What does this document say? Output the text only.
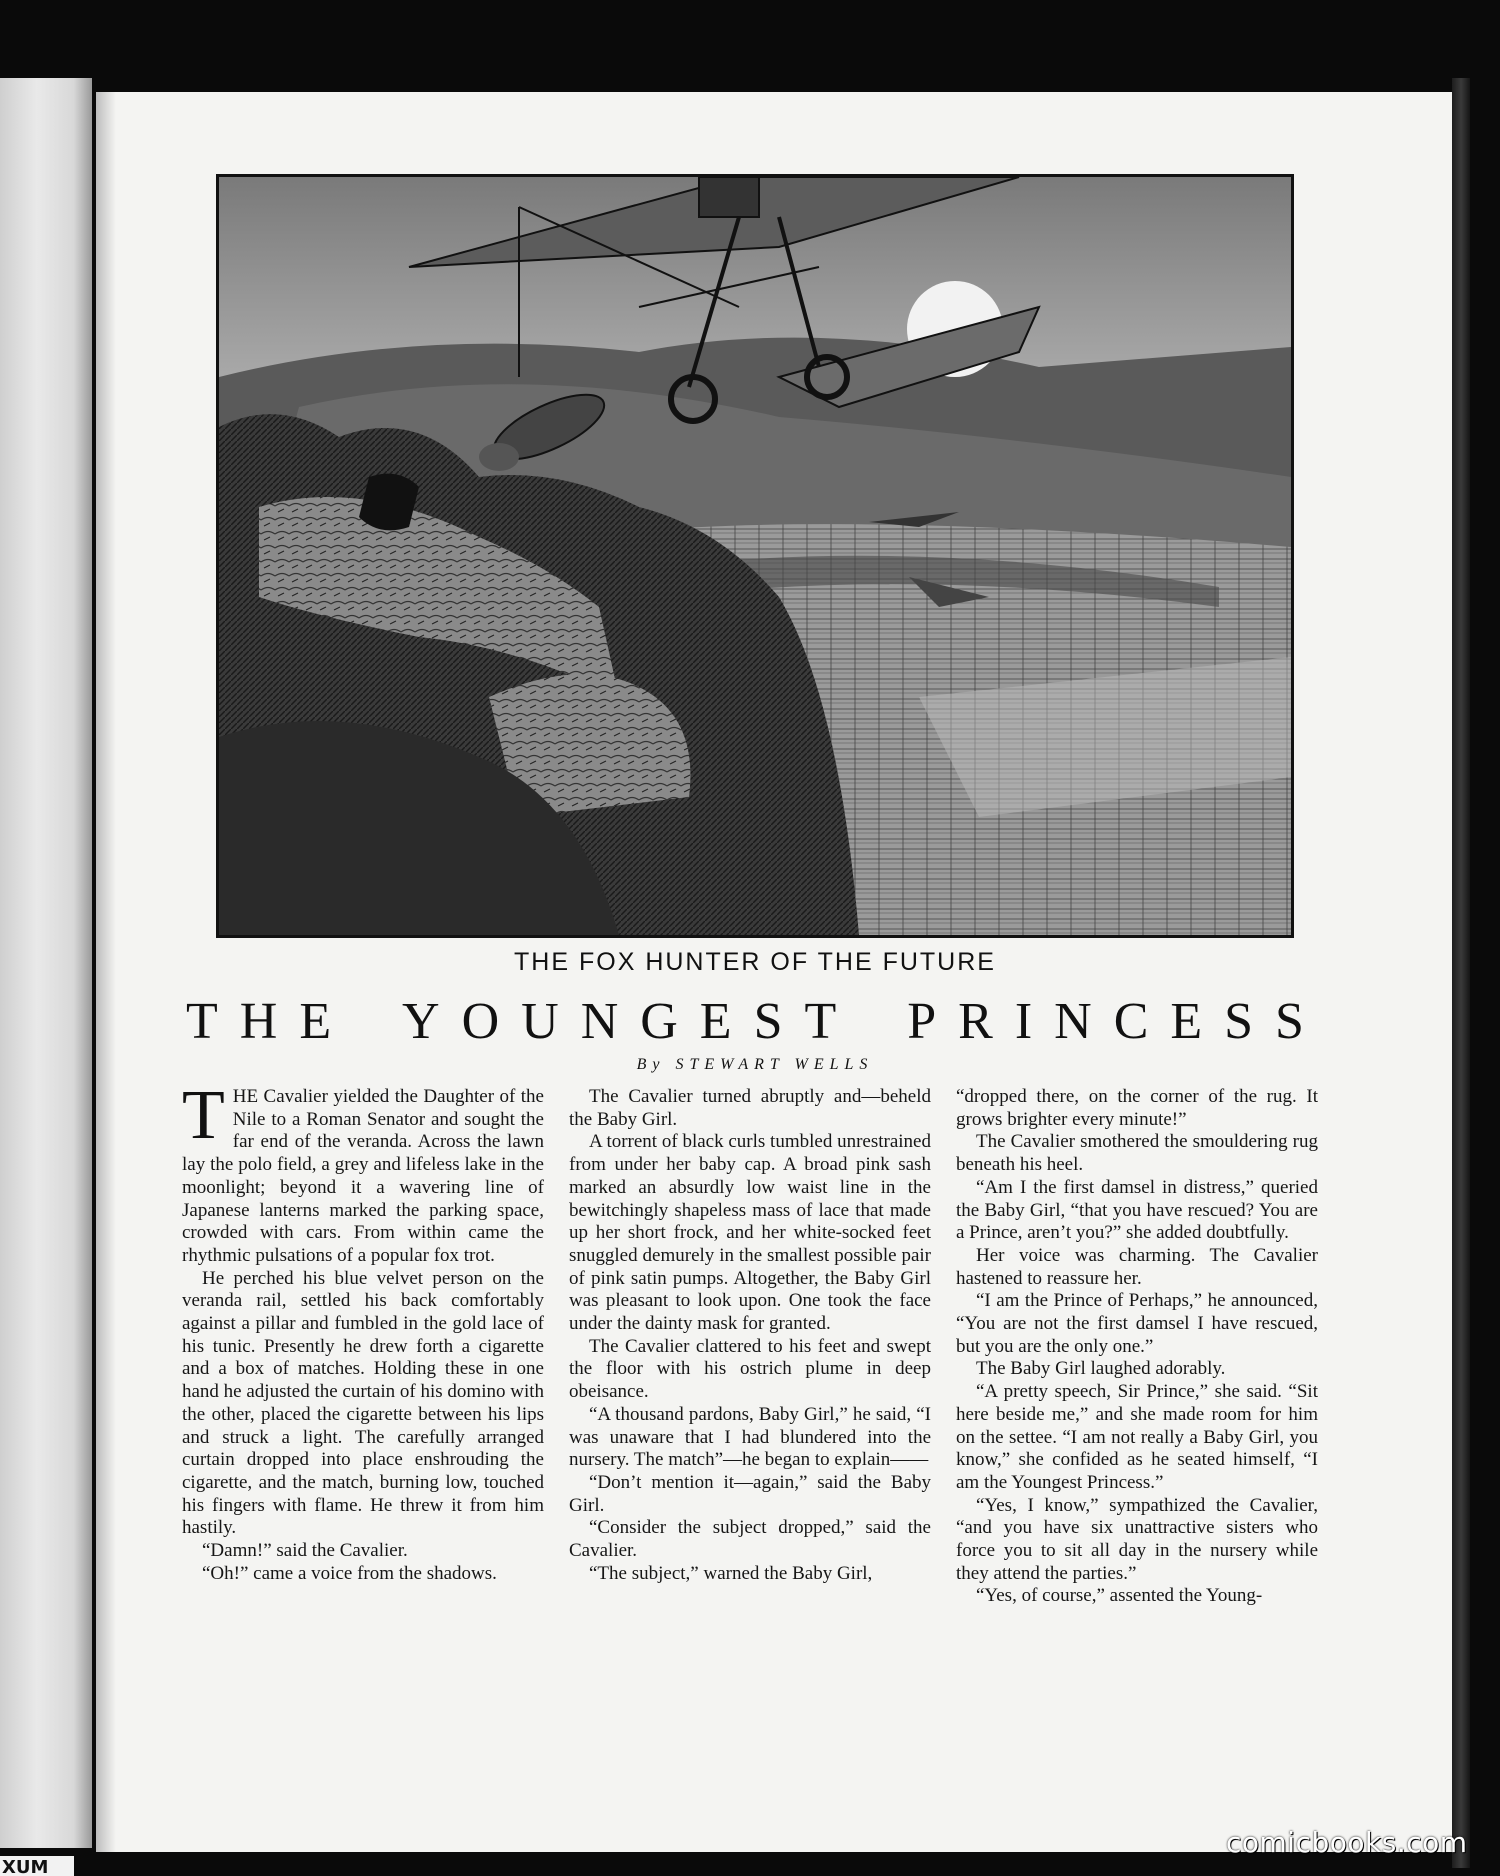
THE FOX HUNTER OF THE FUTURE
THE YOUNGEST PRINCESS
By STEWART WELLS

THE Cavalier yielded the Daughter of the Nile to a Roman Senator and sought the far end of the veranda. Across the lawn lay the polo field, a grey and lifeless lake in the moonlight; beyond it a wavering line of Japanese lanterns marked the parking space, crowded with cars. From within came the rhythmic pulsations of a popular fox trot.

He perched his blue velvet person on the veranda rail, settled his back comfortably against a pillar and fumbled in the gold lace of his tunic. Presently he drew forth a cigarette and a box of matches. Holding these in one hand he adjusted the curtain of his domino with the other, placed the cigarette between his lips and struck a light. The carefully arranged curtain dropped into place enshrouding the cigarette, and the match, burning low, touched his fingers with flame. He threw it from him hastily.

“Damn!” said the Cavalier.

“Oh!” came a voice from the shadows.

The Cavalier turned abruptly and—beheld the Baby Girl.

A torrent of black curls tumbled unrestrained from under her baby cap. A broad pink sash marked an absurdly low waist line in the bewitchingly shapeless mass of lace that made up her short frock, and her white-socked feet snuggled demurely in the smallest possible pair of pink satin pumps. Altogether, the Baby Girl was pleasant to look upon. One took the face under the dainty mask for granted.

The Cavalier clattered to his feet and swept the floor with his ostrich plume in deep obeisance.

“A thousand pardons, Baby Girl,” he said, “I was unaware that I had blundered into the nursery. The match”—he began to explain——

“Don’t mention it—again,” said the Baby Girl.

“Consider the subject dropped,” said the Cavalier.

“The subject,” warned the Baby Girl,

“dropped there, on the corner of the rug. It grows brighter every minute!”

The Cavalier smothered the smouldering rug beneath his heel.

“Am I the first damsel in distress,” queried the Baby Girl, “that you have rescued? You are a Prince, aren’t you?” she added doubtfully.

Her voice was charming. The Cavalier hastened to reassure her.

“I am the Prince of Perhaps,” he announced, “You are not the first damsel I have rescued, but you are the only one.”

The Baby Girl laughed adorably.

“A pretty speech, Sir Prince,” she said. “Sit here beside me,” and she made room for him on the settee. “I am not really a Baby Girl, you know,” she confided as he seated himself, “I am the Youngest Princess.”

“Yes, I know,” sympathized the Cavalier, “and you have six unattractive sisters who force you to sit all day in the nursery while they attend the parties.”

“Yes, of course,” assented the Young-

comicbooks.com
XUM
